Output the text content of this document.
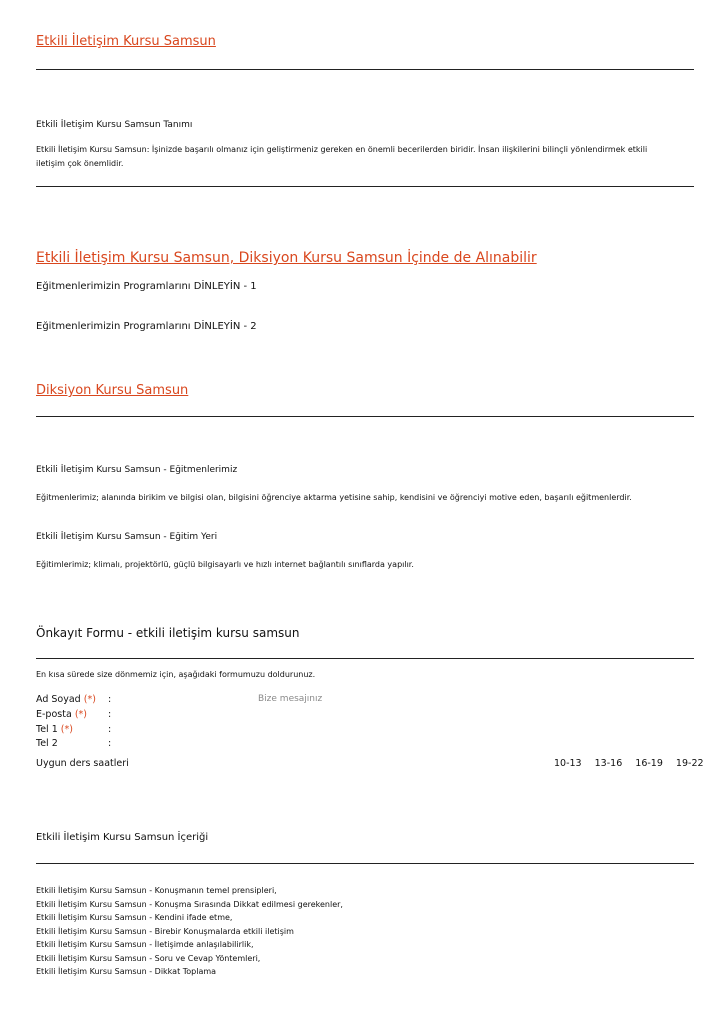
Etkili İletişim Kursu Samsun
Etkili İletişim Kursu Samsun Tanımı
Etkili İletişim Kursu Samsun: İşinizde başarılı olmanız için geliştirmeniz gereken en önemli becerilerden biridir. İnsan ilişkilerini bilinçli yönlendirmek etkili iletişim çok önemlidir.
Etkili İletişim Kursu Samsun, Diksiyon Kursu Samsun İçinde de Alınabilir
Eğitmenlerimizin Programlarını DİNLEYİN - 1
Eğitmenlerimizin Programlarını DİNLEYİN - 2
Diksiyon Kursu Samsun
Etkili İletişim Kursu Samsun - Eğitmenlerimiz
Eğitmenlerimiz; alanında birikim ve bilgisi olan, bilgisini öğrenciye aktarma yetisine sahip, kendisini ve öğrenciyi motive eden, başarılı eğitmenlerdir.
Etkili İletişim Kursu Samsun - Eğitim Yeri
Eğitimlerimiz; klimalı, projektörlü, güçlü bilgisayarlı ve hızlı internet bağlantılı sınıflarda yapılır.
Önkayıt Formu - etkili iletişim kursu samsun
En kısa sürede size dönmemiz için, aşağıdaki formumuzu doldurunuz.
Ad Soyad (*) :	Bize mesajınız
E-posta (*) :
Tel 1 (*)	:
Tel 2	:
Uygun ders saatleri	10-13 13-16 16-19 19-22
Etkili İletişim Kursu Samsun İçeriği
Etkili İletişim Kursu Samsun - Konuşmanın temel prensipleri,
Etkili İletişim Kursu Samsun - Konuşma Sırasında Dikkat edilmesi gerekenler,
Etkili İletişim Kursu Samsun - Kendini ifade etme,
Etkili İletişim Kursu Samsun - Birebir Konuşmalarda etkili iletişim
Etkili İletişim Kursu Samsun - İletişimde anlaşılabilirlik,
Etkili İletişim Kursu Samsun - Soru ve Cevap Yöntemleri,
Etkili İletişim Kursu Samsun - Dikkat Toplama
